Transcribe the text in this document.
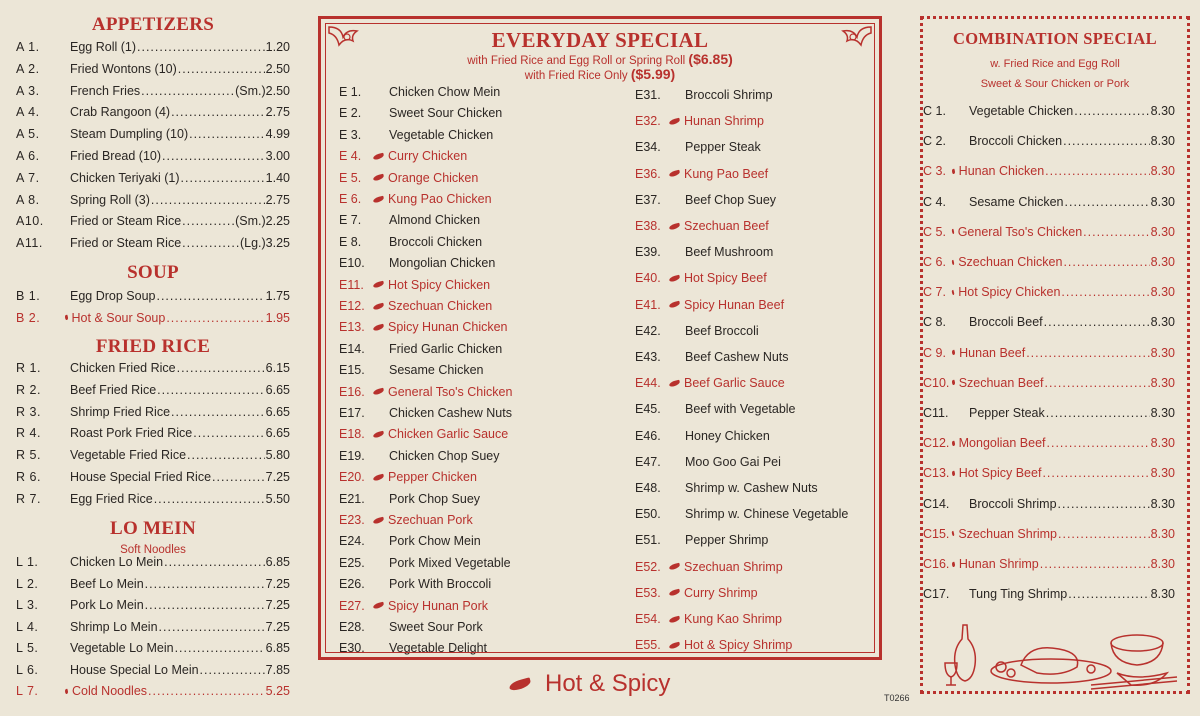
APPETIZERS
A 1.	Egg Roll (1) .....	1.20
A 2.	Fried Wontons (10) .....	2.50
A 3.	French Fries .....	(Sm.) 2.50
A 4.	Crab Rangoon (4) .....	2.75
A 5.	Steam Dumpling (10) .....	4.99
A 6.	Fried Bread (10) .....	3.00
A 7.	Chicken Teriyaki (1) .....	1.40
A 8.	Spring Roll (3) .....	2.75
A10.	Fried or Steam Rice .....	(Sm.) 2.25
A11.	Fried or Steam Rice .....	(Lg.) 3.25
SOUP
B 1.	Egg Drop Soup .....	1.75
B 2.	Hot & Sour Soup .....	1.95
FRIED RICE
R 1.	Chicken Fried Rice .....	6.15
R 2.	Beef Fried Rice .....	6.65
R 3.	Shrimp Fried Rice .....	6.65
R 4.	Roast Pork Fried Rice .....	6.65
R 5.	Vegetable Fried Rice .....	5.80
R 6.	House Special Fried Rice .....	7.25
R 7.	Egg Fried Rice .....	5.50
LO MEIN
Soft Noodles
L 1.	Chicken Lo Mein .....	6.85
L 2.	Beef Lo Mein .....	7.25
L 3.	Pork Lo Mein .....	7.25
L 4.	Shrimp Lo Mein .....	7.25
L 5.	Vegetable Lo Mein .....	6.85
L 6.	House Special Lo Mein .....	7.85
L 7.	Cold Noodles .....	5.25
EVERYDAY SPECIAL
with Fried Rice and Egg Roll or Spring Roll ($6.85)
with Fried Rice Only ($5.99)
E 1.	Chicken Chow Mein
E 2.	Sweet Sour Chicken
E 3.	Vegetable Chicken
E 4.	Curry Chicken
E 5.	Orange Chicken
E 6.	Kung Pao Chicken
E 7.	Almond Chicken
E 8.	Broccoli Chicken
E10.	Mongolian Chicken
E11.	Hot Spicy Chicken
E12.	Szechuan Chicken
E13.	Spicy Hunan Chicken
E14.	Fried Garlic Chicken
E15.	Sesame Chicken
E16.	General Tso's Chicken
E17.	Chicken Cashew Nuts
E18.	Chicken Garlic Sauce
E19.	Chicken Chop Suey
E20.	Pepper Chicken
E21.	Pork Chop Suey
E23.	Szechuan Pork
E24.	Pork Chow Mein
E25.	Pork Mixed Vegetable
E26.	Pork With Broccoli
E27.	Spicy Hunan Pork
E28.	Sweet Sour Pork
E30.	Vegetable Delight
E31.	Broccoli Shrimp
E32.	Hunan Shrimp
E34.	Pepper Steak
E36.	Kung Pao Beef
E37.	Beef Chop Suey
E38.	Szechuan Beef
E39.	Beef Mushroom
E40.	Hot Spicy Beef
E41.	Spicy Hunan Beef
E42.	Beef Broccoli
E43.	Beef Cashew Nuts
E44.	Beef Garlic Sauce
E45.	Beef with Vegetable
E46.	Honey Chicken
E47.	Moo Goo Gai Pei
E48.	Shrimp w. Cashew Nuts
E50.	Shrimp w. Chinese Vegetable
E51.	Pepper Shrimp
E52.	Szechuan Shrimp
E53.	Curry Shrimp
E54.	Kung Kao Shrimp
E55.	Hot & Spicy Shrimp
COMBINATION SPECIAL
w. Fried Rice and Egg Roll
Sweet & Sour Chicken or Pork
C 1.	Vegetable Chicken .....	8.30
C 2.	Broccoli Chicken .....	8.30
C 3.	Hunan Chicken .....	8.30
C 4.	Sesame Chicken .....	8.30
C 5. General Tso's Chicken .....	8.30
C 6. Szechuan Chicken .....	8.30
C 7. Hot Spicy Chicken .....	8.30
C 8.	Broccoli Beef .....	8.30
C 9.	Hunan Beef .....	8.30
C10. Szechuan Beef .....	8.30
C11.	Pepper Steak .....	8.30
C12. Mongolian Beef .....	8.30
C13. Hot Spicy Beef .....	8.30
C14.	Broccoli Shrimp .....	8.30
C15. Szechuan Shrimp .....	8.30
C16. Hunan Shrimp .....	8.30
C17.	Tung Ting Shrimp .....	8.30
Hot & Spicy
T0266
